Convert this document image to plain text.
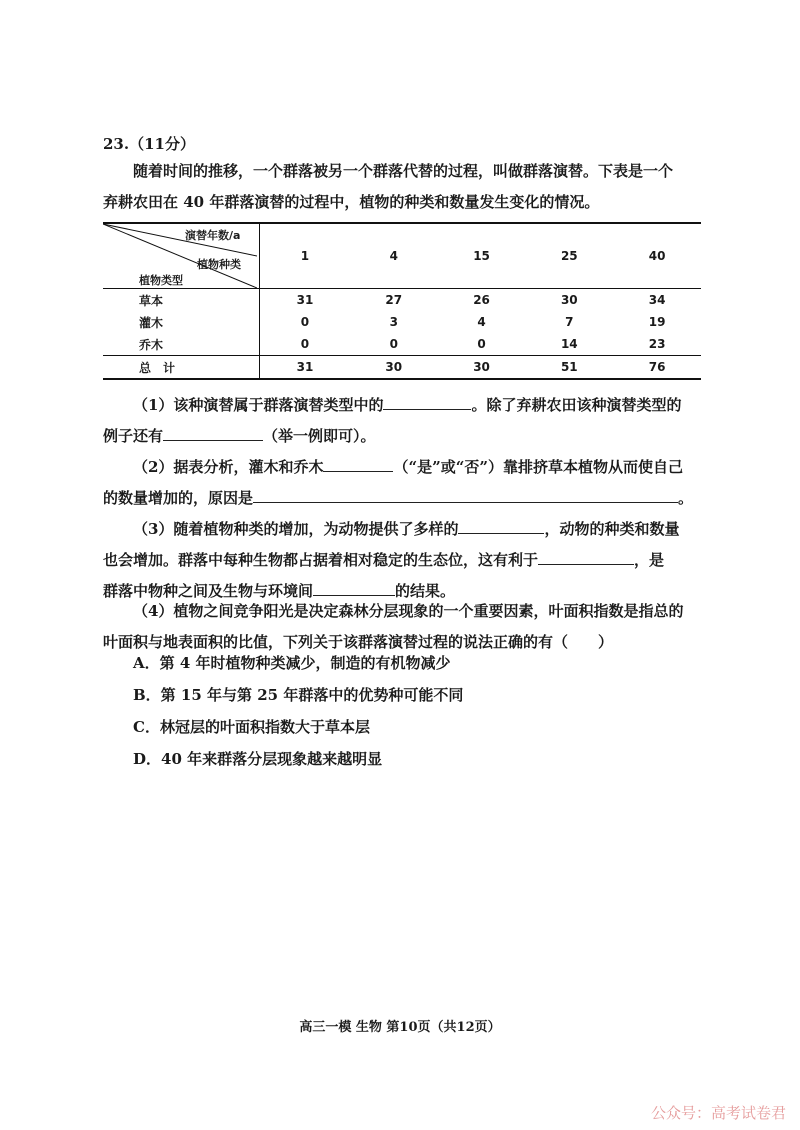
23.（11分）
随着时间的推移，一个群落被另一个群落代替的过程，叫做群落演替。下表是一个
弃耕农田在 40 年群落演替的过程中，植物的种类和数量发生变化的情况。
演替年数/a
植物种类
植物类型	1	4	15	25	40
草本	31	27	26	30	34
灌木	0	3	4	7	19
乔木	0	0	0	14	23
总　计	31	30	30	51	76
（1）该种演替属于群落演替类型中的	。除了弃耕农田该种演替类型的
例子还有	（举一例即可）。
（2）据表分析，灌木和乔木	（“是”或“否”）靠排挤草本植物从而使自己
的数量增加的，原因是	。
（3）随着植物种类的增加，为动物提供了多样的	，动物的种类和数量
也会增加。群落中每种生物都占据着相对稳定的生态位，这有利于	，是
群落中物种之间及生物与环境间	的结果。
（4）植物之间竞争阳光是决定森林分层现象的一个重要因素，叶面积指数是指总的
叶面积与地表面积的比值，下列关于该群落演替过程的说法正确的有（　　）
A．第 4 年时植物种类减少，制造的有机物减少
B．第 15 年与第 25 年群落中的优势种可能不同
C．林冠层的叶面积指数大于草本层
D．40 年来群落分层现象越来越明显
高三一模 生物 第10页（共12页）
公众号：高考试卷君
